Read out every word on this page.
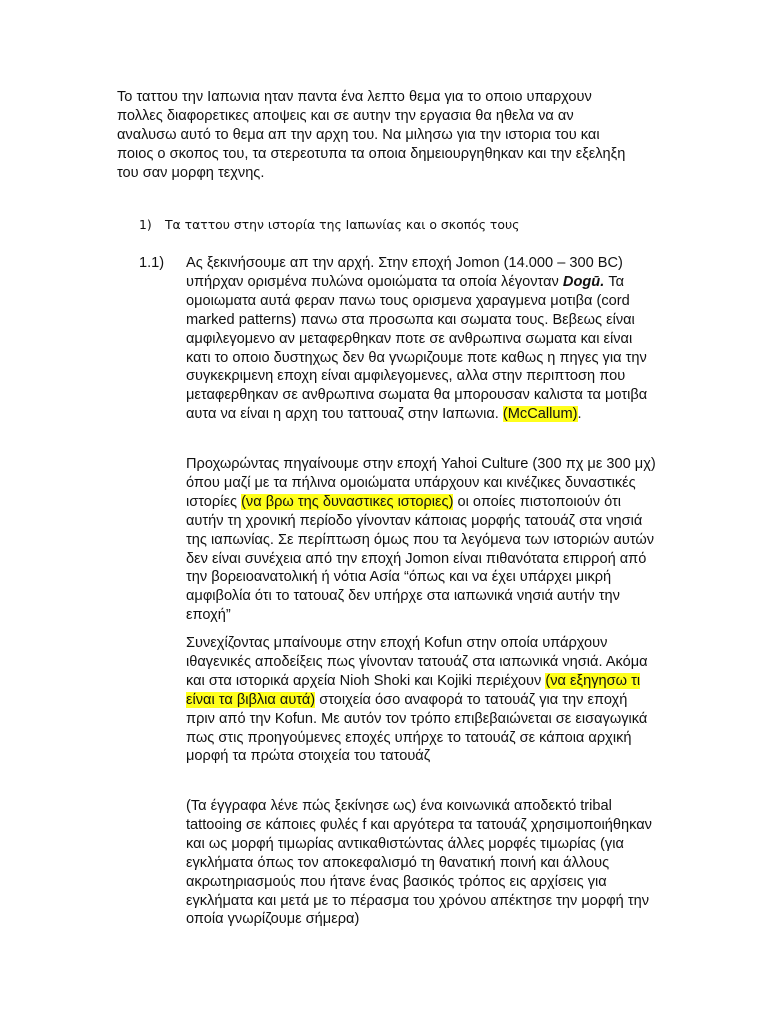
Το ταττου την Ιαπωνια ηταν παντα ένα λεπτο θεμα για το οποιο υπαρχουν πολλες διαφορετικες αποψεις και σε αυτην την εργασια θα ηθελα να αν αναλυσω αυτό το θεμα απ την αρχη του. Να μιλησω για την ιστορια του και ποιος ο σκοπος του, τα στερεοτυπα τα οποια δημειουργηθηκαν και την εξεληξη του σαν μορφη τεχνης.

1) Τα ταττου στην ιστορία της Ιαπωνίας και ο σκοπός τους

1.1) Ας ξεκινήσουμε απ την αρχή. Στην εποχή Jomon (14.000 – 300 BC) υπήρχαν ορισμένα πυλώνα ομοιώματα τα οποία λέγονταν Dogū. Τα ομοιωματα αυτά φεραν πανω τους ορισμενα χαραγμενα μοτιβα (cord marked patterns) πανω στα προσωπα και σωματα τους. Βεβεως είναι αμφιλεγομενο αν μεταφερθηκαν ποτε σε ανθρωπινα σωματα και είναι κατι το οποιο δυστηχως δεν θα γνωριζουμε ποτε καθως η πηγες για την συγκεκριμενη εποχη είναι αμφιλεγομενες, αλλα στην περιπτοση που μεταφερθηκαν σε ανθρωπινα σωματα θα μπορουσαν καλιστα τα μοτιβα αυτα να είναι η αρχη του ταττουαζ στην Ιαπωνια. (McCallum).

Προχωρώντας πηγαίνουμε στην εποχή Yahoi Culture (300 πχ με 300 μχ) όπου μαζί με τα πήλινα ομοιώματα υπάρχουν και κινέζικες δυναστικές ιστορίες (να βρω της δυναστικες ιστοριες) οι οποίες πιστοποιούν ότι αυτήν τη χρονική περίοδο γίνονταν κάποιας μορφής τατουάζ στα νησιά της ιαπωνίας. Σε περίπτωση όμως που τα λεγόμενα των ιστοριών αυτών δεν είναι συνέχεια από την εποχή Jomon είναι πιθανότατα επιρροή από την βορειοανατολική ή νότια Ασία “όπως και να έχει υπάρχει μικρή αμφιβολία ότι το τατουαζ δεν υπήρχε στα ιαπωνικά νησιά αυτήν την εποχή”

Συνεχίζοντας μπαίνουμε στην εποχή Kofun στην οποία υπάρχουν ιθαγενικές αποδείξεις πως γίνονταν τατουάζ στα ιαπωνικά νησιά. Ακόμα και στα ιστορικά αρχεία Nioh Shoki και Kojiki περιέχουν (να εξηγησω τι είναι τα βιβλια αυτά) στοιχεία όσο αναφορά το τατουάζ για την εποχή πριν από την Kofun. Με αυτόν τον τρόπο επιβεβαιώνεται σε εισαγωγικά πως στις προηγούμενες εποχές υπήρχε το τατουάζ σε κάποια αρχική μορφή τα πρώτα στοιχεία του τατουάζ

(Τα έγγραφα λένε πώς ξεκίνησε ως) ένα κοινωνικά αποδεκτό tribal tattooing σε κάποιες φυλές f και αργότερα τα τατουάζ χρησιμοποιήθηκαν και ως μορφή τιμωρίας αντικαθιστώντας άλλες μορφές τιμωρίας (για εγκλήματα όπως τον αποκεφαλισμό τη θανατική ποινή και άλλους ακρωτηριασμούς που ήτανε ένας βασικός τρόπος εις αρχίσεις για εγκλήματα και μετά με το πέρασμα του χρόνου απέκτησε την μορφή την οποία γνωρίζουμε σήμερα)
